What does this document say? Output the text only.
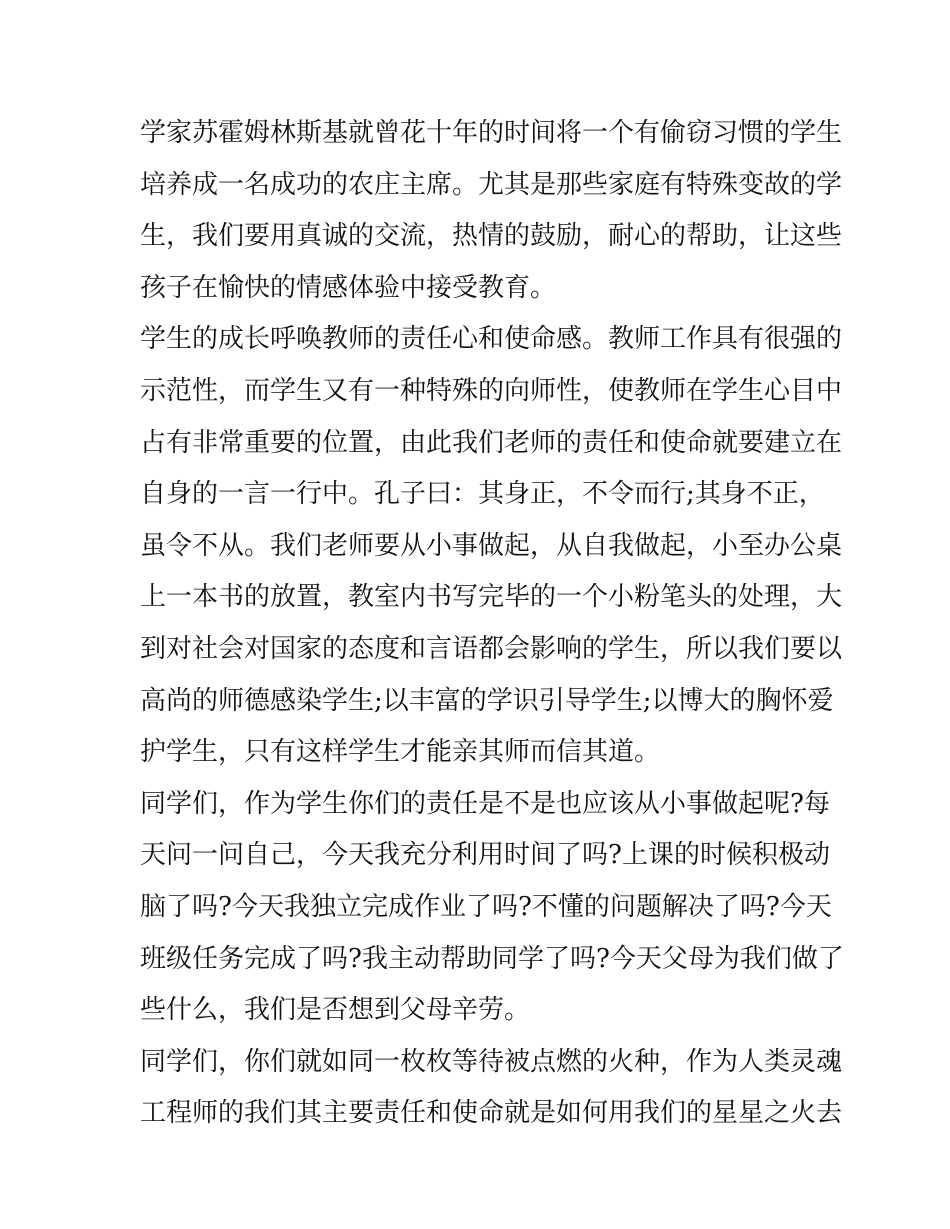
学家苏霍姆林斯基就曾花十年的时间将一个有偷窃习惯的学生
培养成一名成功的农庄主席。尤其是那些家庭有特殊变故的学
生，我们要用真诚的交流，热情的鼓励，耐心的帮助，让这些
孩子在愉快的情感体验中接受教育。
学生的成长呼唤教师的责任心和使命感。教师工作具有很强的
示范性，而学生又有一种特殊的向师性，使教师在学生心目中
占有非常重要的位置，由此我们老师的责任和使命就要建立在
自身的一言一行中。孔子曰：其身正，不令而行;其身不正，
虽令不从。我们老师要从小事做起，从自我做起，小至办公桌
上一本书的放置，教室内书写完毕的一个小粉笔头的处理，大
到对社会对国家的态度和言语都会影响的学生，所以我们要以
高尚的师德感染学生;以丰富的学识引导学生;以博大的胸怀爱
护学生，只有这样学生才能亲其师而信其道。
同学们，作为学生你们的责任是不是也应该从小事做起呢?每
天问一问自己，今天我充分利用时间了吗?上课的时候积极动
脑了吗?今天我独立完成作业了吗?不懂的问题解决了吗?今天
班级任务完成了吗?我主动帮助同学了吗?今天父母为我们做了
些什么，我们是否想到父母辛劳。
同学们，你们就如同一枚枚等待被点燃的火种，作为人类灵魂
工程师的我们其主要责任和使命就是如何用我们的星星之火去
